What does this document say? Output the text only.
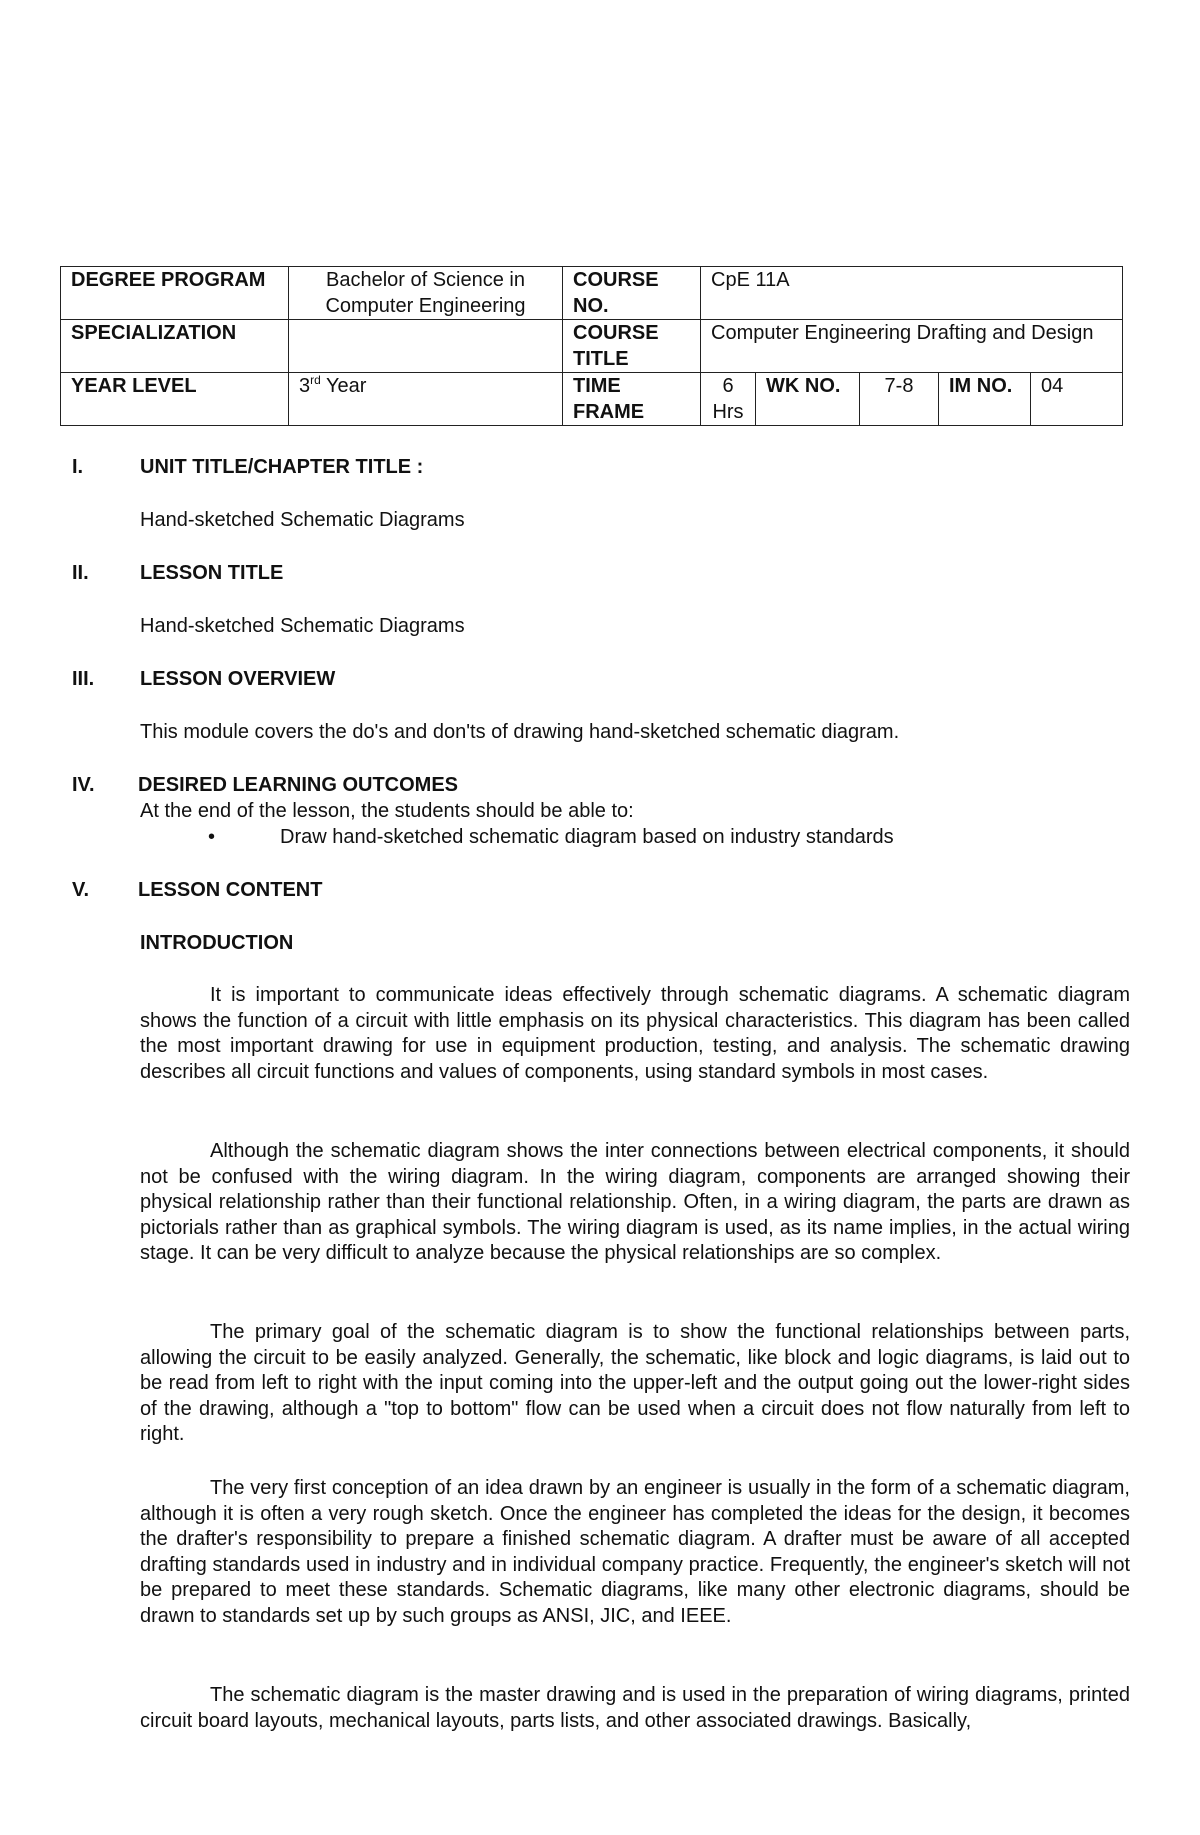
DEGREE PROGRAM	Bachelor of Science in Computer Engineering	COURSE NO.	CpE 11A				
SPECIALIZATION		COURSE TITLE	Computer Engineering Drafting and Design				
YEAR LEVEL	3rd Year	TIME FRAME	6 Hrs	WK NO.	7-8	IM NO.	04
I.	UNIT TITLE/CHAPTER TITLE :
Hand-sketched Schematic Diagrams
II.	LESSON TITLE
Hand-sketched Schematic Diagrams
III. LESSON OVERVIEW
This module covers the do's and don'ts of drawing hand-sketched schematic diagram.
IV. DESIRED LEARNING OUTCOMES
At the end of the lesson, the students should be able to:
•	Draw hand-sketched schematic diagram based on industry standards
V. LESSON CONTENT
INTRODUCTION
It is important to communicate ideas effectively through schematic diagrams. A schematic diagram shows the function of a circuit with little emphasis on its physical characteristics. This diagram has been called the most important drawing for use in equipment production, testing, and analysis. The schematic drawing describes all circuit functions and values of components, using standard symbols in most cases.
Although the schematic diagram shows the inter connections between electrical components, it should not be confused with the wiring diagram. In the wiring diagram, components are arranged showing their physical relationship rather than their functional relationship. Often, in a wiring diagram, the parts are drawn as pictorials rather than as graphical symbols. The wiring diagram is used, as its name implies, in the actual wiring stage. It can be very difficult to analyze because the physical relationships are so complex.
The primary goal of the schematic diagram is to show the functional relationships between parts, allowing the circuit to be easily analyzed. Generally, the schematic, like block and logic diagrams, is laid out to be read from left to right with the input coming into the upper-left and the output going out the lower-right sides of the drawing, although a "top to bottom" flow can be used when a circuit does not flow naturally from left to right.
The very first conception of an idea drawn by an engineer is usually in the form of a schematic diagram, although it is often a very rough sketch. Once the engineer has completed the ideas for the design, it becomes the drafter's responsibility to prepare a finished schematic diagram. A drafter must be aware of all accepted drafting standards used in industry and in individual company practice. Frequently, the engineer's sketch will not be prepared to meet these standards. Schematic diagrams, like many other electronic diagrams, should be drawn to standards set up by such groups as ANSI, JIC, and IEEE.
The schematic diagram is the master drawing and is used in the preparation of wiring diagrams, printed circuit board layouts, mechanical layouts, parts lists, and other associated drawings. Basically,
